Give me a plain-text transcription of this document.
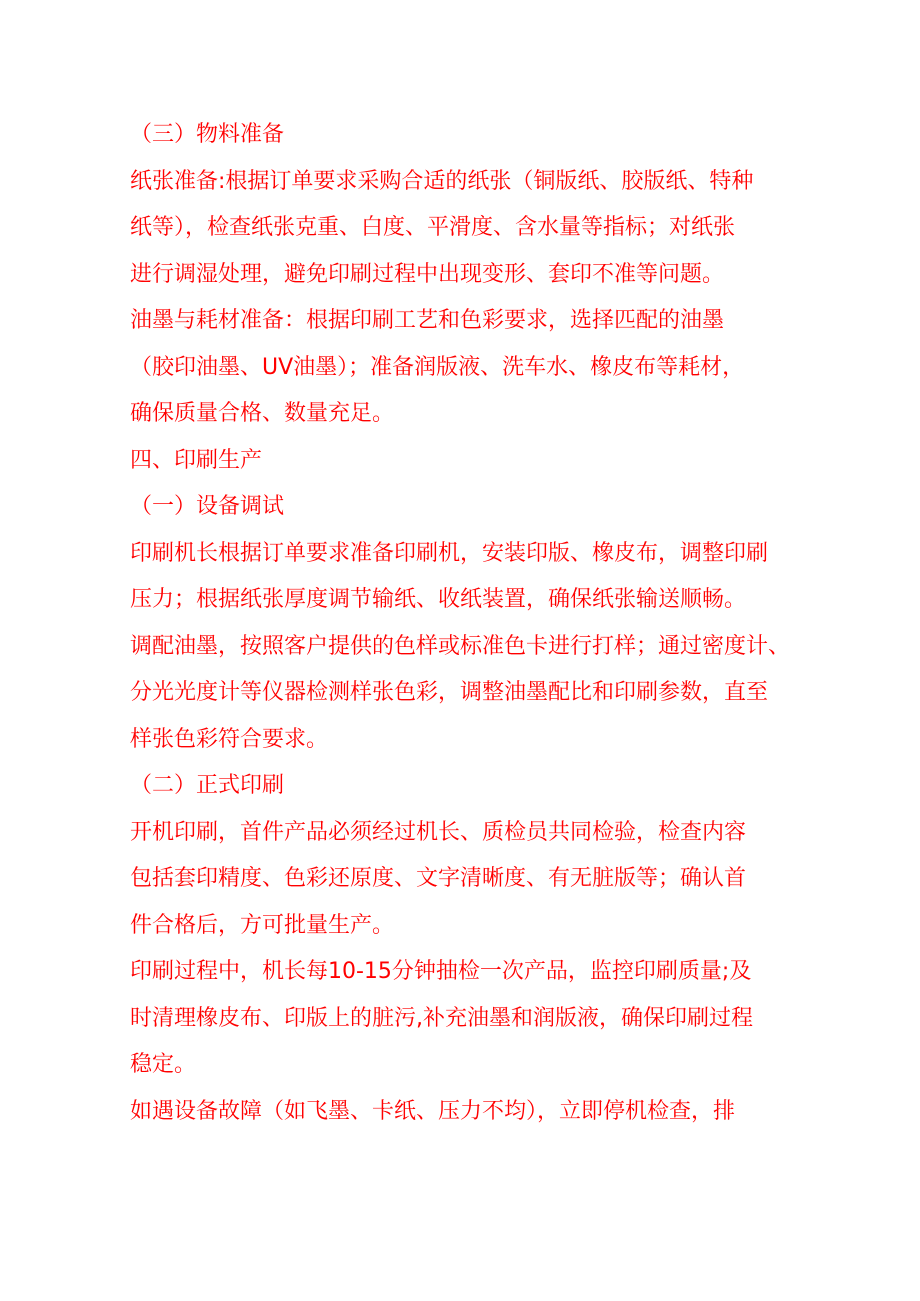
（三）物料准备
纸张准备:根据订单要求采购合适的纸张（铜版纸、胶版纸、特种
纸等），检查纸张克重、白度、平滑度、含水量等指标；对纸张
进行调湿处理，避免印刷过程中出现变形、套印不准等问题。
油墨与耗材准备：根据印刷工艺和色彩要求，选择匹配的油墨
（胶印油墨、UV油墨）；准备润版液、洗车水、橡皮布等耗材，
确保质量合格、数量充足。
四、印刷生产
（一）设备调试
印刷机长根据订单要求准备印刷机，安装印版、橡皮布，调整印刷
压力；根据纸张厚度调节输纸、收纸装置，确保纸张输送顺畅。
调配油墨，按照客户提供的色样或标准色卡进行打样；通过密度计、
分光光度计等仪器检测样张色彩，调整油墨配比和印刷参数，直至
样张色彩符合要求。
（二）正式印刷
开机印刷，首件产品必须经过机长、质检员共同检验，检查内容
包括套印精度、色彩还原度、文字清晰度、有无脏版等；确认首
件合格后，方可批量生产。
印刷过程中，机长每10-15分钟抽检一次产品，监控印刷质量;及
时清理橡皮布、印版上的脏污,补充油墨和润版液，确保印刷过程
稳定。
如遇设备故障（如飞墨、卡纸、压力不均），立即停机检查，排
